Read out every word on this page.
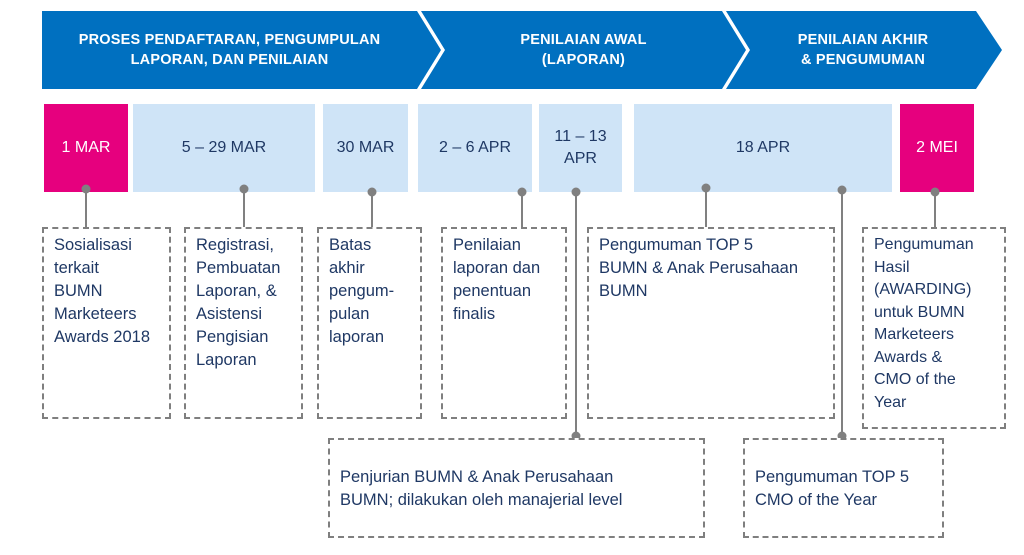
PROSES PENDAFTARAN, PENGUMPULAN
LAPORAN, DAN PENILAIAN
PENILAIAN AWAL
(LAPORAN)
PENILAIAN AKHIR
& PENGUMUMAN
1 MAR	5 – 29 MAR	30 MAR	2 – 6 APR
11 – 13
APR
18 APR	2 MEI
Sosialisasi
terkait
BUMN
Marketeers
Awards 2018
Registrasi,
Pembuatan
Laporan, &
Asistensi
Pengisian
Laporan
Batas
akhir
pengum-
pulan
laporan
Penilaian
laporan dan
penentuan
finalis
Pengumuman TOP 5
BUMN & Anak Perusahaan
BUMN
Pengumuman
Hasil
(AWARDING)
untuk BUMN
Marketeers
Awards &
CMO of the
Year
Penjurian BUMN & Anak Perusahaan
BUMN; dilakukan oleh manajerial level
Pengumuman TOP 5
CMO of the Year
